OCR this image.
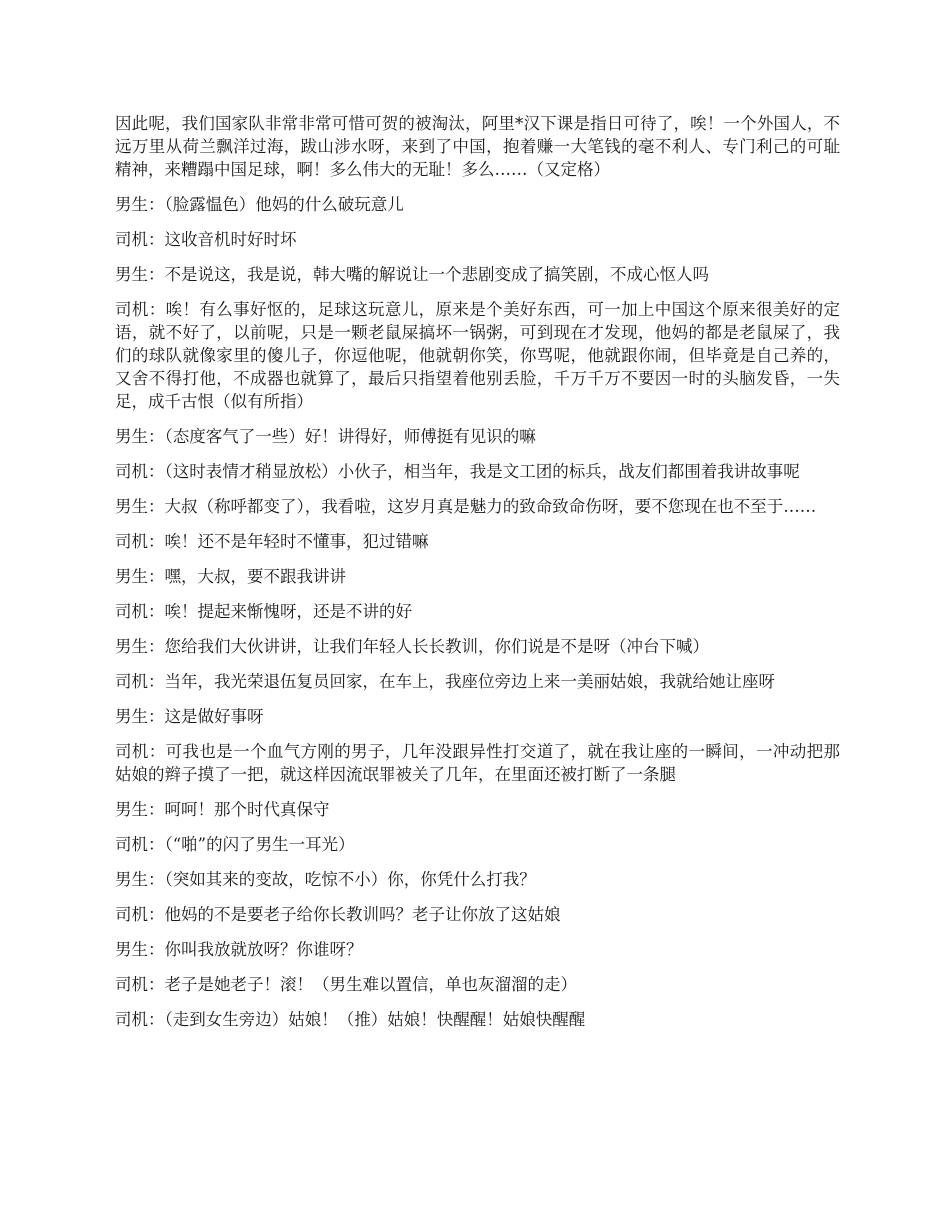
因此呢，我们国家队非常非常可惜可贺的被淘汰，阿里*汉下课是指日可待了，唉！一个外国人，不远万里从荷兰飘洋过海，跋山涉水呀，来到了中国，抱着赚一大笔钱的毫不利人、专门利己的可耻精神，来糟蹋中国足球，啊！多么伟大的无耻！多么……（又定格）

男生：（脸露愠色）他妈的什么破玩意儿

司机：这收音机时好时坏

男生：不是说这，我是说，韩大嘴的解说让一个悲剧变成了搞笑剧，不成心怄人吗

司机：唉！有么事好怄的，足球这玩意儿，原来是个美好东西，可一加上中国这个原来很美好的定语，就不好了，以前呢，只是一颗老鼠屎搞坏一锅粥，可到现在才发现，他妈的都是老鼠屎了，我们的球队就像家里的傻儿子，你逗他呢，他就朝你笑，你骂呢，他就跟你闹，但毕竟是自己养的，又舍不得打他，不成器也就算了，最后只指望着他别丢脸，千万千万不要因一时的头脑发昏，一失足，成千古恨（似有所指）

男生：（态度客气了一些）好！讲得好，师傅挺有见识的嘛

司机：（这时表情才稍显放松）小伙子，相当年，我是文工团的标兵，战友们都围着我讲故事呢

男生：大叔（称呼都变了），我看啦，这岁月真是魅力的致命致命伤呀，要不您现在也不至于……

司机：唉！还不是年轻时不懂事，犯过错嘛

男生：嘿，大叔，要不跟我讲讲

司机：唉！提起来惭愧呀，还是不讲的好

男生：您给我们大伙讲讲，让我们年轻人长长教训，你们说是不是呀（冲台下喊）

司机：当年，我光荣退伍复员回家，在车上，我座位旁边上来一美丽姑娘，我就给她让座呀

男生：这是做好事呀

司机：可我也是一个血气方刚的男子，几年没跟异性打交道了，就在我让座的一瞬间，一冲动把那姑娘的辫子摸了一把，就这样因流氓罪被关了几年，在里面还被打断了一条腿

男生：呵呵！那个时代真保守

司机：（“啪”的闪了男生一耳光）

男生：（突如其来的变故，吃惊不小）你，你凭什么打我？

司机：他妈的不是要老子给你长教训吗？老子让你放了这姑娘

男生：你叫我放就放呀？你谁呀？

司机：老子是她老子！滚！（男生难以置信，单也灰溜溜的走）

司机：（走到女生旁边）姑娘！（推）姑娘！快醒醒！姑娘快醒醒
